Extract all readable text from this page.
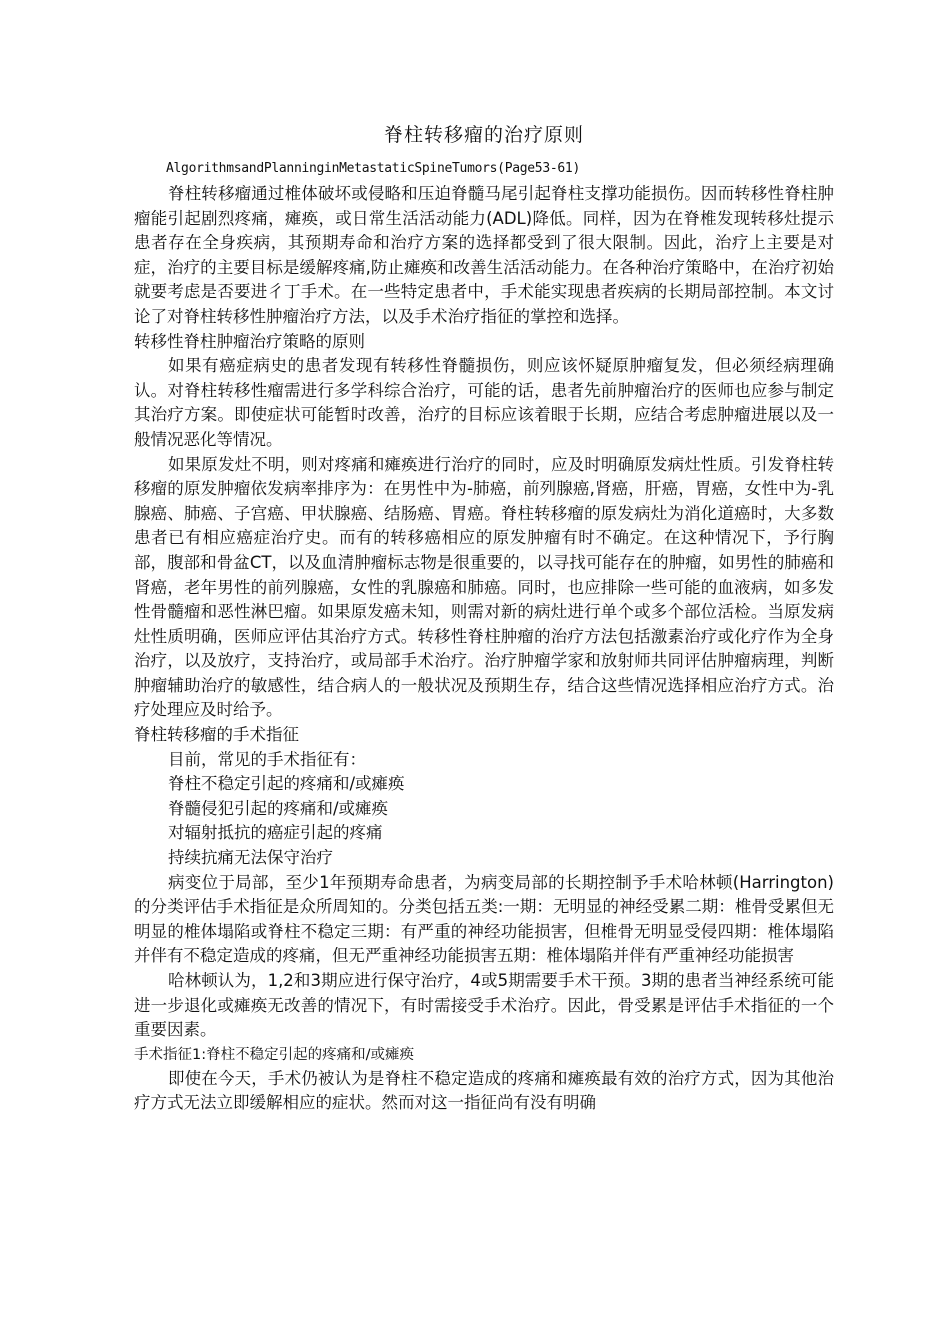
脊柱转移瘤的治疗原则
AlgorithmsandPlanninginMetastaticSpineTumors(Page53-61)

脊柱转移瘤通过椎体破坏或侵略和压迫脊髓马尾引起脊柱支撑功能损伤。因而转移性脊柱肿瘤能引起剧烈疼痛，瘫痪，或日常生活活动能力(ADL)降低。同样，因为在脊椎发现转移灶提示患者存在全身疾病，其预期寿命和治疗方案的选择都受到了很大限制。因此，治疗上主要是对症，治疗的主要目标是缓解疼痛,防止瘫痪和改善生活活动能力。在各种治疗策略中，在治疗初始就要考虑是否要进彳丁手术。在一些特定患者中，手术能实现患者疾病的长期局部控制。本文讨论了对脊柱转移性肿瘤治疗方法，以及手术治疗指征的掌控和选择。

转移性脊柱肿瘤治疗策略的原则

如果有癌症病史的患者发现有转移性脊髓损伤，则应该怀疑原肿瘤复发，但必须经病理确认。对脊柱转移性瘤需进行多学科综合治疗，可能的话，患者先前肿瘤治疗的医师也应参与制定其治疗方案。即使症状可能暂时改善，治疗的目标应该着眼于长期，应结合考虑肿瘤进展以及一般情况恶化等情况。

如果原发灶不明，则对疼痛和瘫痪进行治疗的同时，应及时明确原发病灶性质。引发脊柱转移瘤的原发肿瘤依发病率排序为：在男性中为-肺癌，前列腺癌,肾癌，肝癌，胃癌，女性中为-乳腺癌、肺癌、子宫癌、甲状腺癌、结肠癌、胃癌。脊柱转移瘤的原发病灶为消化道癌时，大多数患者已有相应癌症治疗史。而有的转移癌相应的原发肿瘤有时不确定。在这种情况下，予行胸部，腹部和骨盆CT，以及血清肿瘤标志物是很重要的，以寻找可能存在的肿瘤，如男性的肺癌和肾癌，老年男性的前列腺癌，女性的乳腺癌和肺癌。同时，也应排除一些可能的血液病，如多发性骨髓瘤和恶性淋巴瘤。如果原发癌未知，则需对新的病灶进行单个或多个部位活检。当原发病灶性质明确，医师应评估其治疗方式。转移性脊柱肿瘤的治疗方法包括激素治疗或化疗作为全身治疗，以及放疗，支持治疗，或局部手术治疗。治疗肿瘤学家和放射师共同评估肿瘤病理，判断肿瘤辅助治疗的敏感性，结合病人的一般状况及预期生存，结合这些情况选择相应治疗方式。治疗处理应及时给予。

脊柱转移瘤的手术指征
目前，常见的手术指征有：
脊柱不稳定引起的疼痛和/或瘫痪
脊髓侵犯引起的疼痛和/或瘫痪
对辐射抵抗的癌症引起的疼痛
持续抗痛无法保守治疗

病变位于局部，至少1年预期寿命患者，为病变局部的长期控制予手术哈林顿(Harrington)的分类评估手术指征是众所周知的。分类包括五类:一期：无明显的神经受累二期：椎骨受累但无明显的椎体塌陷或脊柱不稳定三期：有严重的神经功能损害，但椎骨无明显受侵四期：椎体塌陷并伴有不稳定造成的疼痛，但无严重神经功能损害五期：椎体塌陷并伴有严重神经功能损害

哈林顿认为，1,2和3期应进行保守治疗，4或5期需要手术干预。3期的患者当神经系统可能进一步退化或瘫痪无改善的情况下，有时需接受手术治疗。因此，骨受累是评估手术指征的一个重要因素。

手术指征1:脊柱不稳定引起的疼痛和/或瘫痪

即使在今天，手术仍被认为是脊柱不稳定造成的疼痛和瘫痪最有效的治疗方式，因为其他治疗方式无法立即缓解相应的症状。然而对这一指征尚有没有明确
